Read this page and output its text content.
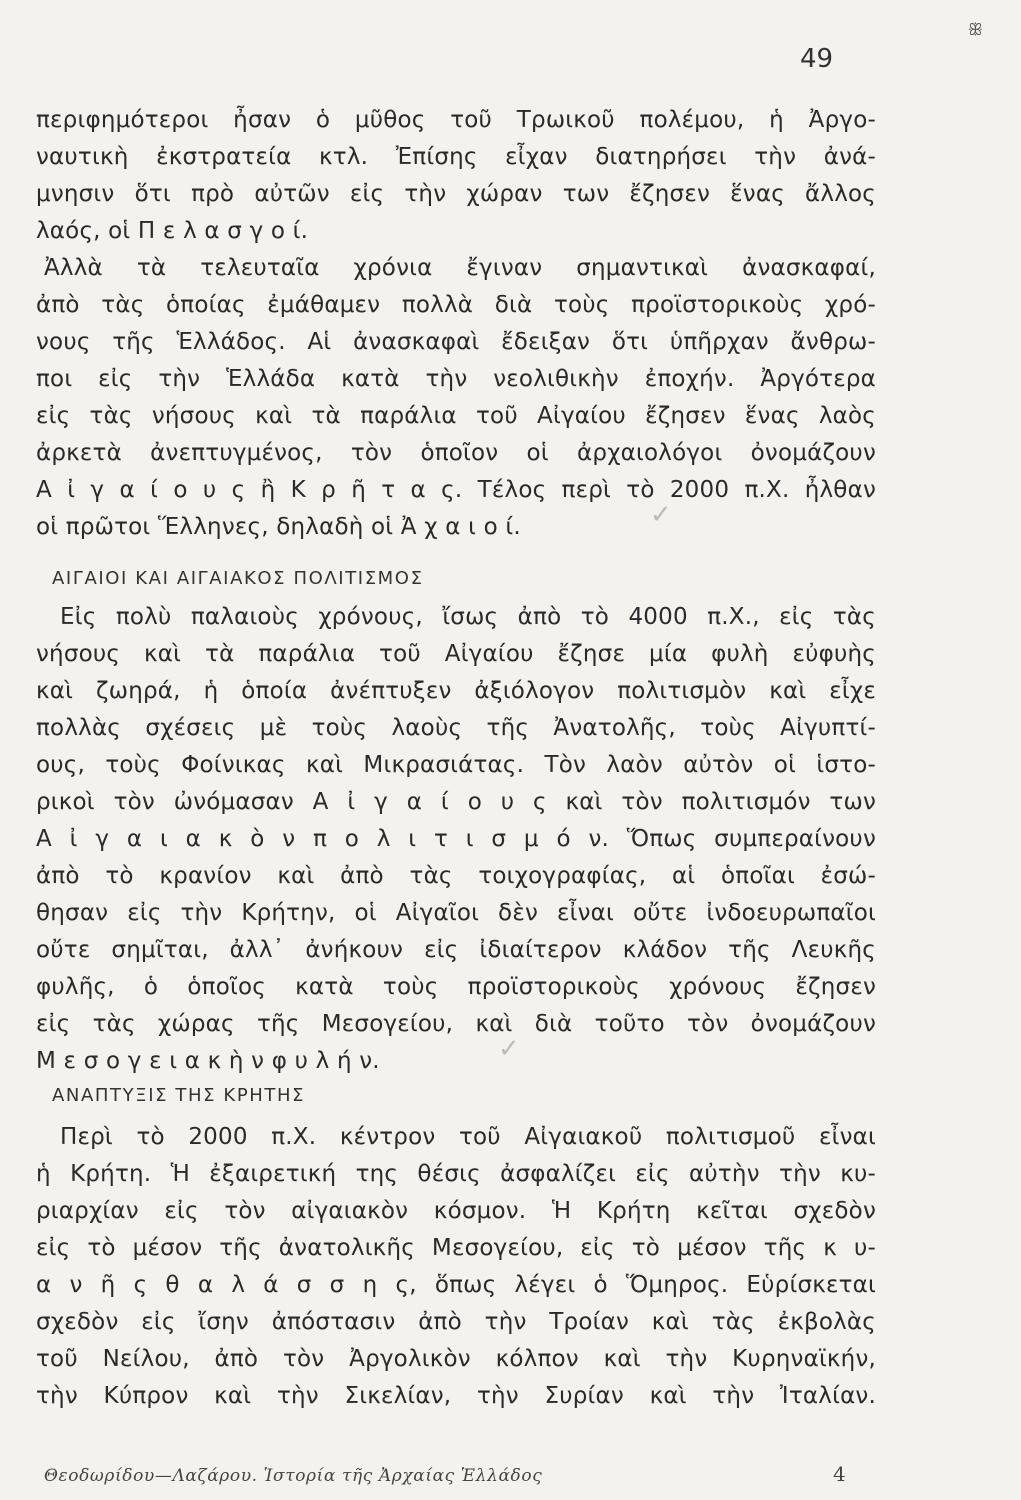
ꕥ
49
περιφημότεροι ἦσαν ὁ μῦθος τοῦ Τρωικοῦ πολέμου, ἡ Ἀργο-
ναυτικὴ ἐκστρατεία κτλ. Ἐπίσης εἶχαν διατηρήσει τὴν ἀνά-
μνησιν ὅτι πρὸ αὐτῶν εἰς τὴν χώραν των ἔζησεν ἕνας ἄλλος
λαός, οἱ Π ε λ α σ γ ο ί.
Ἀλλὰ τὰ τελευταῖα χρόνια ἔγιναν σημαντικαὶ ἀνασκαφαί,
ἀπὸ τὰς ὁποίας ἐμάθαμεν πολλὰ διὰ τοὺς προϊστορικοὺς χρό-
νους τῆς Ἑλλάδος. Αἱ ἀνασκαφαὶ ἔδειξαν ὅτι ὑπῆρχαν ἄνθρω-
ποι εἰς τὴν Ἑλλάδα κατὰ τὴν νεολιθικὴν ἐποχήν. Ἀργότερα
εἰς τὰς νήσους καὶ τὰ παράλια τοῦ Αἰγαίου ἔζησεν ἕνας λαὸς
ἀρκετὰ ἀνεπτυγμένος, τὸν ὁποῖον οἱ ἀρχαιολόγοι ὀνομάζουν
Α ἰ γ α ί ο υ ς ἢ Κ ρ ῆ τ α ς. Τέλος περὶ τὸ 2000 π.Χ. ἦλθαν
οἱ πρῶτοι Ἕλληνες, δηλαδὴ οἱ Ἀ χ α ι ο ί.	✓
ΑΙΓΑΙΟΙ ΚΑΙ ΑΙΓΑΙΑΚΟΣ ΠΟΛΙΤΙΣΜΟΣ
Εἰς πολὺ παλαιοὺς χρόνους, ἴσως ἀπὸ τὸ 4000 π.Χ., εἰς τὰς
νήσους καὶ τὰ παράλια τοῦ Αἰγαίου ἔζησε μία φυλὴ εὐφυὴς
καὶ ζωηρά, ἡ ὁποία ἀνέπτυξεν ἀξιόλογον πολιτισμὸν καὶ εἶχε
πολλὰς σχέσεις μὲ τοὺς λαοὺς τῆς Ἀνατολῆς, τοὺς Αἰγυπτί-
ους, τοὺς Φοίνικας καὶ Μικρασιάτας. Τὸν λαὸν αὐτὸν οἱ ἱστο-
ρικοὶ τὸν ὠνόμασαν Α ἰ γ α ί ο υ ς καὶ τὸν πολιτισμόν των
Α ἰ γ α ι α κ ὸ ν π ο λ ι τ ι σ μ ό ν. Ὅπως συμπεραίνουν
ἀπὸ τὸ κρανίον καὶ ἀπὸ τὰς τοιχογραφίας, αἱ ὁποῖαι ἐσώ-
θησαν εἰς τὴν Κρήτην, οἱ Αἰγαῖοι δὲν εἶναι οὔτε ἰνδοευρωπαῖοι
οὔτε σημῖται, ἀλλ᾽ ἀνήκουν εἰς ἰδιαίτερον κλάδον τῆς Λευκῆς
φυλῆς, ὁ ὁποῖος κατὰ τοὺς προϊστορικοὺς χρόνους ἔζησεν
εἰς τὰς χώρας τῆς Μεσογείου, καὶ διὰ τοῦτο τὸν ὀνομάζουν
Μ ε σ ο γ ε ι α κ ὴ ν φ υ λ ή ν.	✓
ΑΝΑΠΤΥΞΙΣ ΤΗΣ ΚΡΗΤΗΣ
Περὶ τὸ 2000 π.Χ. κέντρον τοῦ Αἰγαιακοῦ πολιτισμοῦ εἶναι
ἡ Κρήτη. Ἡ ἐξαιρετική της θέσις ἀσφαλίζει εἰς αὐτὴν τὴν κυ-
ριαρχίαν εἰς τὸν αἰγαιακὸν κόσμον. Ἡ Κρήτη κεῖται σχεδὸν
εἰς τὸ μέσον τῆς ἀνατολικῆς Μεσογείου, εἰς τὸ μέσον τῆς κ υ-
α ν ῆ ς θ α λ ά σ σ η ς, ὅπως λέγει ὁ Ὅμηρος. Εὑρίσκεται
σχεδὸν εἰς ἴσην ἀπόστασιν ἀπὸ τὴν Τροίαν καὶ τὰς ἐκβολὰς
τοῦ Νείλου, ἀπὸ τὸν Ἀργολικὸν κόλπον καὶ τὴν Κυρηναϊκήν,
τὴν Κύπρον καὶ τὴν Σικελίαν, τὴν Συρίαν καὶ τὴν Ἰταλίαν.
Θεοδωρίδου—Λαζάρου. Ἱστορία τῆς Ἀρχαίας Ἑλλάδος	4
